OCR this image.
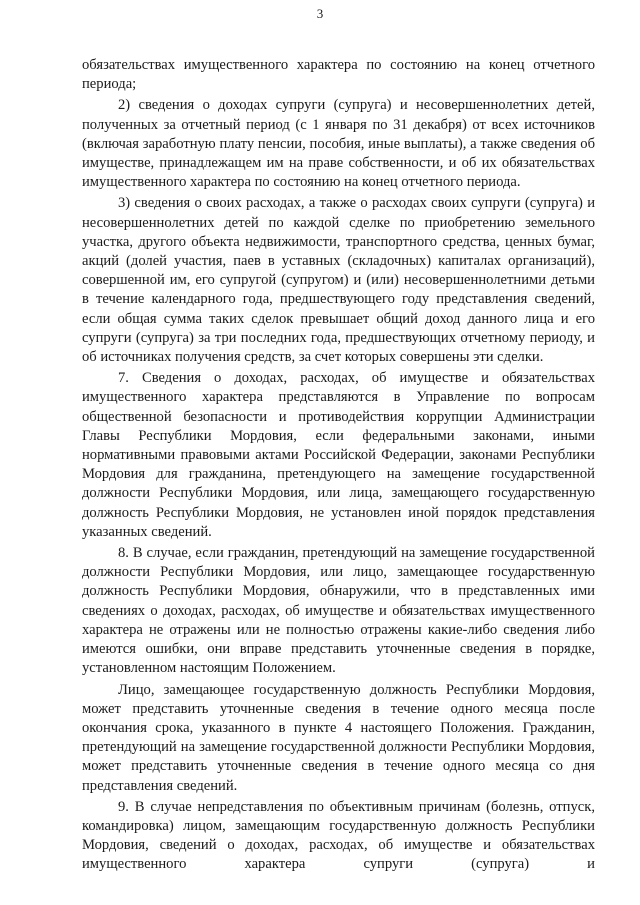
3

обязательствах имущественного характера по состоянию на конец отчетного периода;

2) сведения о доходах супруги (супруга) и несовершеннолетних детей, полученных за отчетный период (с 1 января по 31 декабря) от всех источников (включая заработную плату пенсии, пособия, иные выплаты), а также сведения об имуществе, принадлежащем им на праве собственности, и об их обязательствах имущественного характера по состоянию на конец отчетного периода.

3) сведения о своих расходах, а также о расходах своих супруги (супруга) и несовершеннолетних детей по каждой сделке по приобретению земельного участка, другого объекта недвижимости, транспортного средства, ценных бумаг, акций (долей участия, паев в уставных (складочных) капиталах организаций), совершенной им, его супругой (супругом) и (или) несовершеннолетними детьми в течение календарного года, предшествующего году представления сведений, если общая сумма таких сделок превышает общий доход данного лица и его супруги (супруга) за три последних года, предшествующих отчетному периоду, и об источниках получения средств, за счет которых совершены эти сделки.

7. Сведения о доходах, расходах, об имуществе и обязательствах имущественного характера представляются в Управление по вопросам общественной безопасности и противодействия коррупции Администрации Главы Республики Мордовия, если федеральными законами, иными нормативными правовыми актами Российской Федерации, законами Республики Мордовия для гражданина, претендующего на замещение государственной должности Республики Мордовия, или лица, замещающего государственную должность Республики Мордовия, не установлен иной порядок представления указанных сведений.

8. В случае, если гражданин, претендующий на замещение государственной должности Республики Мордовия, или лицо, замещающее государственную должность Республики Мордовия, обнаружили, что в представленных ими сведениях о доходах, расходах, об имуществе и обязательствах имущественного характера не отражены или не полностью отражены какие-либо сведения либо имеются ошибки, они вправе представить уточненные сведения в порядке, установленном настоящим Положением.

Лицо, замещающее государственную должность Республики Мордовия, может представить уточненные сведения в течение одного месяца после окончания срока, указанного в пункте 4 настоящего Положения. Гражданин, претендующий на замещение государственной должности Республики Мордовия, может представить уточненные сведения в течение одного месяца со дня представления сведений.

9. В случае непредставления по объективным причинам (болезнь, отпуск, командировка) лицом, замещающим государственную должность Республики Мордовия, сведений о доходах, расходах, об имуществе и обязательствах имущественного характера супруги (супруга) и
